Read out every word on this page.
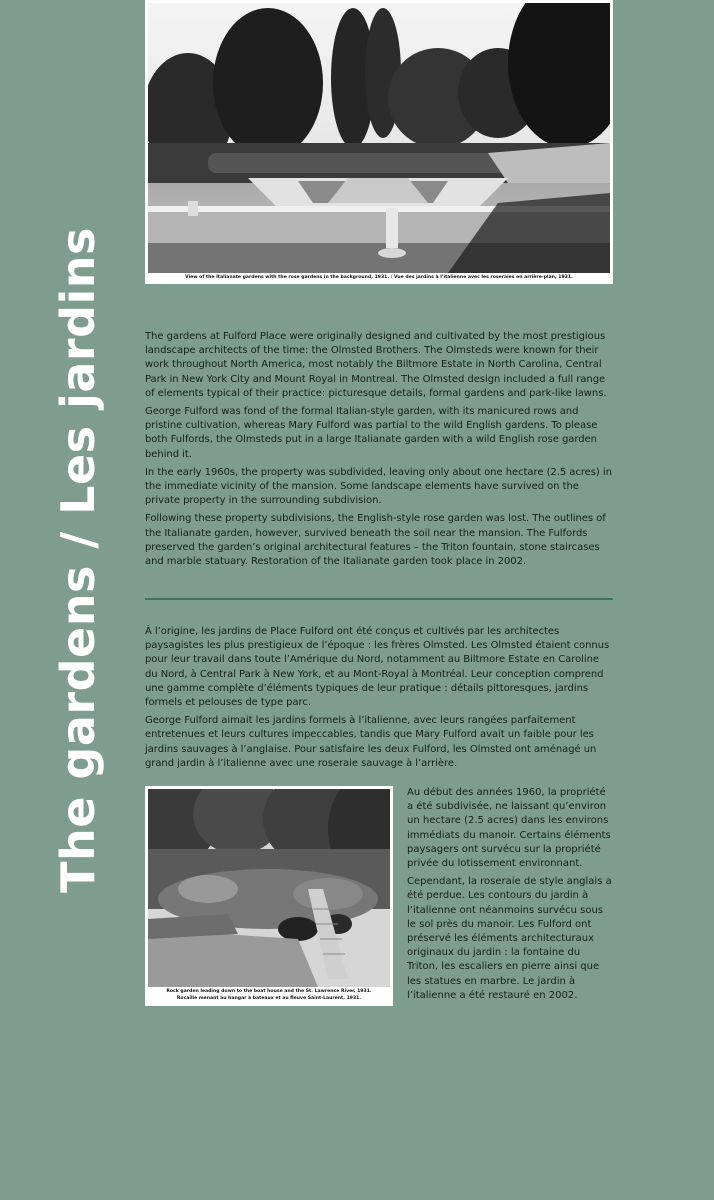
The gardens / Les jardins	View of the Italianate gardens with the rose gardens in the background, 1931. / Vue des jardins à l’italienne avec les roseraies en arrière-plan, 1931.

The gardens at Fulford Place were originally designed and cultivated by the most prestigious landscape architects of the time: the Olmsted Brothers. The Olmsteds were known for their work throughout North America, most notably the Biltmore Estate in North Carolina, Central Park in New York City and Mount Royal in Montreal. The Olmsted design included a full range of elements typical of their practice: picturesque details, formal gardens and park-like lawns.

George Fulford was fond of the formal Italian-style garden, with its manicured rows and pristine cultivation, whereas Mary Fulford was partial to the wild English gardens. To please both Fulfords, the Olmsteds put in a large Italianate garden with a wild English rose garden behind it.

In the early 1960s, the property was subdivided, leaving only about one hectare (2.5 acres) in the immediate vicinity of the mansion. Some landscape elements have survived on the private property in the surrounding subdivision.

Following these property subdivisions, the English-style rose garden was lost. The outlines of the Italianate garden, however, survived beneath the soil near the mansion. The Fulfords preserved the garden’s original architectural features – the Triton fountain, stone staircases and marble statuary. Restoration of the Italianate garden took place in 2002.

À l’origine, les jardins de Place Fulford ont été conçus et cultivés par les architectes paysagistes les plus prestigieux de l’époque : les frères Olmsted. Les Olmsted étaient connus pour leur travail dans toute l’Amérique du Nord, notamment au Biltmore Estate en Caroline du Nord, à Central Park à New York, et au Mont-Royal à Montréal. Leur conception comprend une gamme complète d’éléments typiques de leur pratique : détails pittoresques, jardins formels et pelouses de type parc.

George Fulford aimait les jardins formels à l’italienne, avec leurs rangées parfaitement entretenues et leurs cultures impeccables, tandis que Mary Fulford avait un faible pour les jardins sauvages à l’anglaise. Pour satisfaire les deux Fulford, les Olmsted ont aménagé un grand jardin à l’italienne avec une roseraie sauvage à l’arrière.

Rock garden leading down to the boat house and the St. Lawrence River, 1931.
Rocaille menant au hangar à bateaux et au fleuve Saint-Laurent, 1931.

Au début des années 1960, la propriété a été subdivisée, ne laissant qu’environ un hectare (2.5 acres) dans les environs immédiats du manoir. Certains éléments paysagers ont survécu sur la propriété privée du lotissement environnant.

Cependant, la roseraie de style anglais a été perdue. Les contours du jardin à l’italienne ont néanmoins survécu sous le sol près du manoir. Les Fulford ont préservé les éléments architecturaux originaux du jardin : la fontaine du Triton, les escaliers en pierre ainsi que les statues en marbre. Le jardin à l’italienne a été restauré en 2002.
